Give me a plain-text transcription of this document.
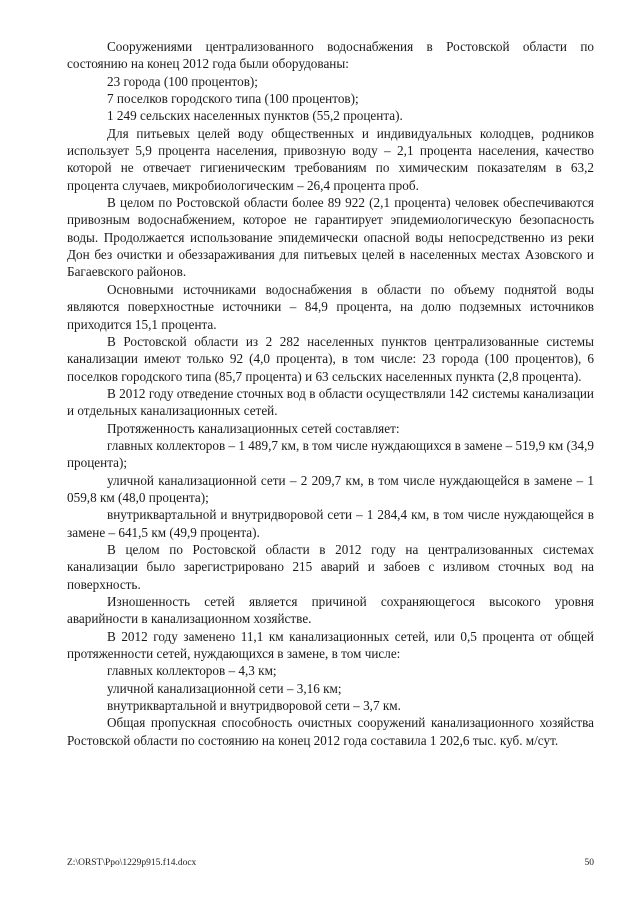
Сооружениями централизованного водоснабжения в Ростовской области по состоянию на конец 2012 года были оборудованы:

23 города (100 процентов);

7 поселков городского типа (100 процентов);

1 249 сельских населенных пунктов (55,2 процента).

Для питьевых целей воду общественных и индивидуальных колодцев, родников использует 5,9 процента населения, привозную воду – 2,1 процента населения, качество которой не отвечает гигиеническим требованиям по химическим показателям в 63,2 процента случаев, микробиологическим – 26,4 процента проб.

В целом по Ростовской области более 89 922 (2,1 процента) человек обеспечиваются привозным водоснабжением, которое не гарантирует эпидемиологическую безопасность воды. Продолжается использование эпидемически опасной воды непосредственно из реки Дон без очистки и обеззараживания для питьевых целей в населенных местах Азовского и Багаевского районов.

Основными источниками водоснабжения в области по объему поднятой воды являются поверхностные источники – 84,9 процента, на долю подземных источников приходится 15,1 процента.

В Ростовской области из 2 282 населенных пунктов централизованные системы канализации имеют только 92 (4,0 процента), в том числе: 23 города (100 процентов), 6 поселков городского типа (85,7 процента) и 63 сельских населенных пункта (2,8 процента).

В 2012 году отведение сточных вод в области осуществляли 142 системы канализации и отдельных канализационных сетей.

Протяженность канализационных сетей составляет:

главных коллекторов – 1 489,7 км, в том числе нуждающихся в замене – 519,9 км (34,9 процента);

уличной канализационной сети – 2 209,7 км, в том числе нуждающейся в замене – 1 059,8 км (48,0 процента);

внутриквартальной и внутридворовой сети – 1 284,4 км, в том числе нуждающейся в замене – 641,5 км (49,9 процента).

В целом по Ростовской области в 2012 году на централизованных системах канализации было зарегистрировано 215 аварий и забоев с изливом сточных вод на поверхность.

Изношенность сетей является причиной сохраняющегося высокого уровня аварийности в канализационном хозяйстве.

В 2012 году заменено 11,1 км канализационных сетей, или 0,5 процента от общей протяженности сетей, нуждающихся в замене, в том числе:

главных коллекторов – 4,3 км;

уличной канализационной сети – 3,16 км;

внутриквартальной и внутридворовой сети – 3,7 км.

Общая пропускная способность очистных сооружений канализационного хозяйства Ростовской области по состоянию на конец 2012 года составила 1 202,6 тыс. куб. м/сут.

Z:\ORST\Ppo\1229p915.f14.docx	50
